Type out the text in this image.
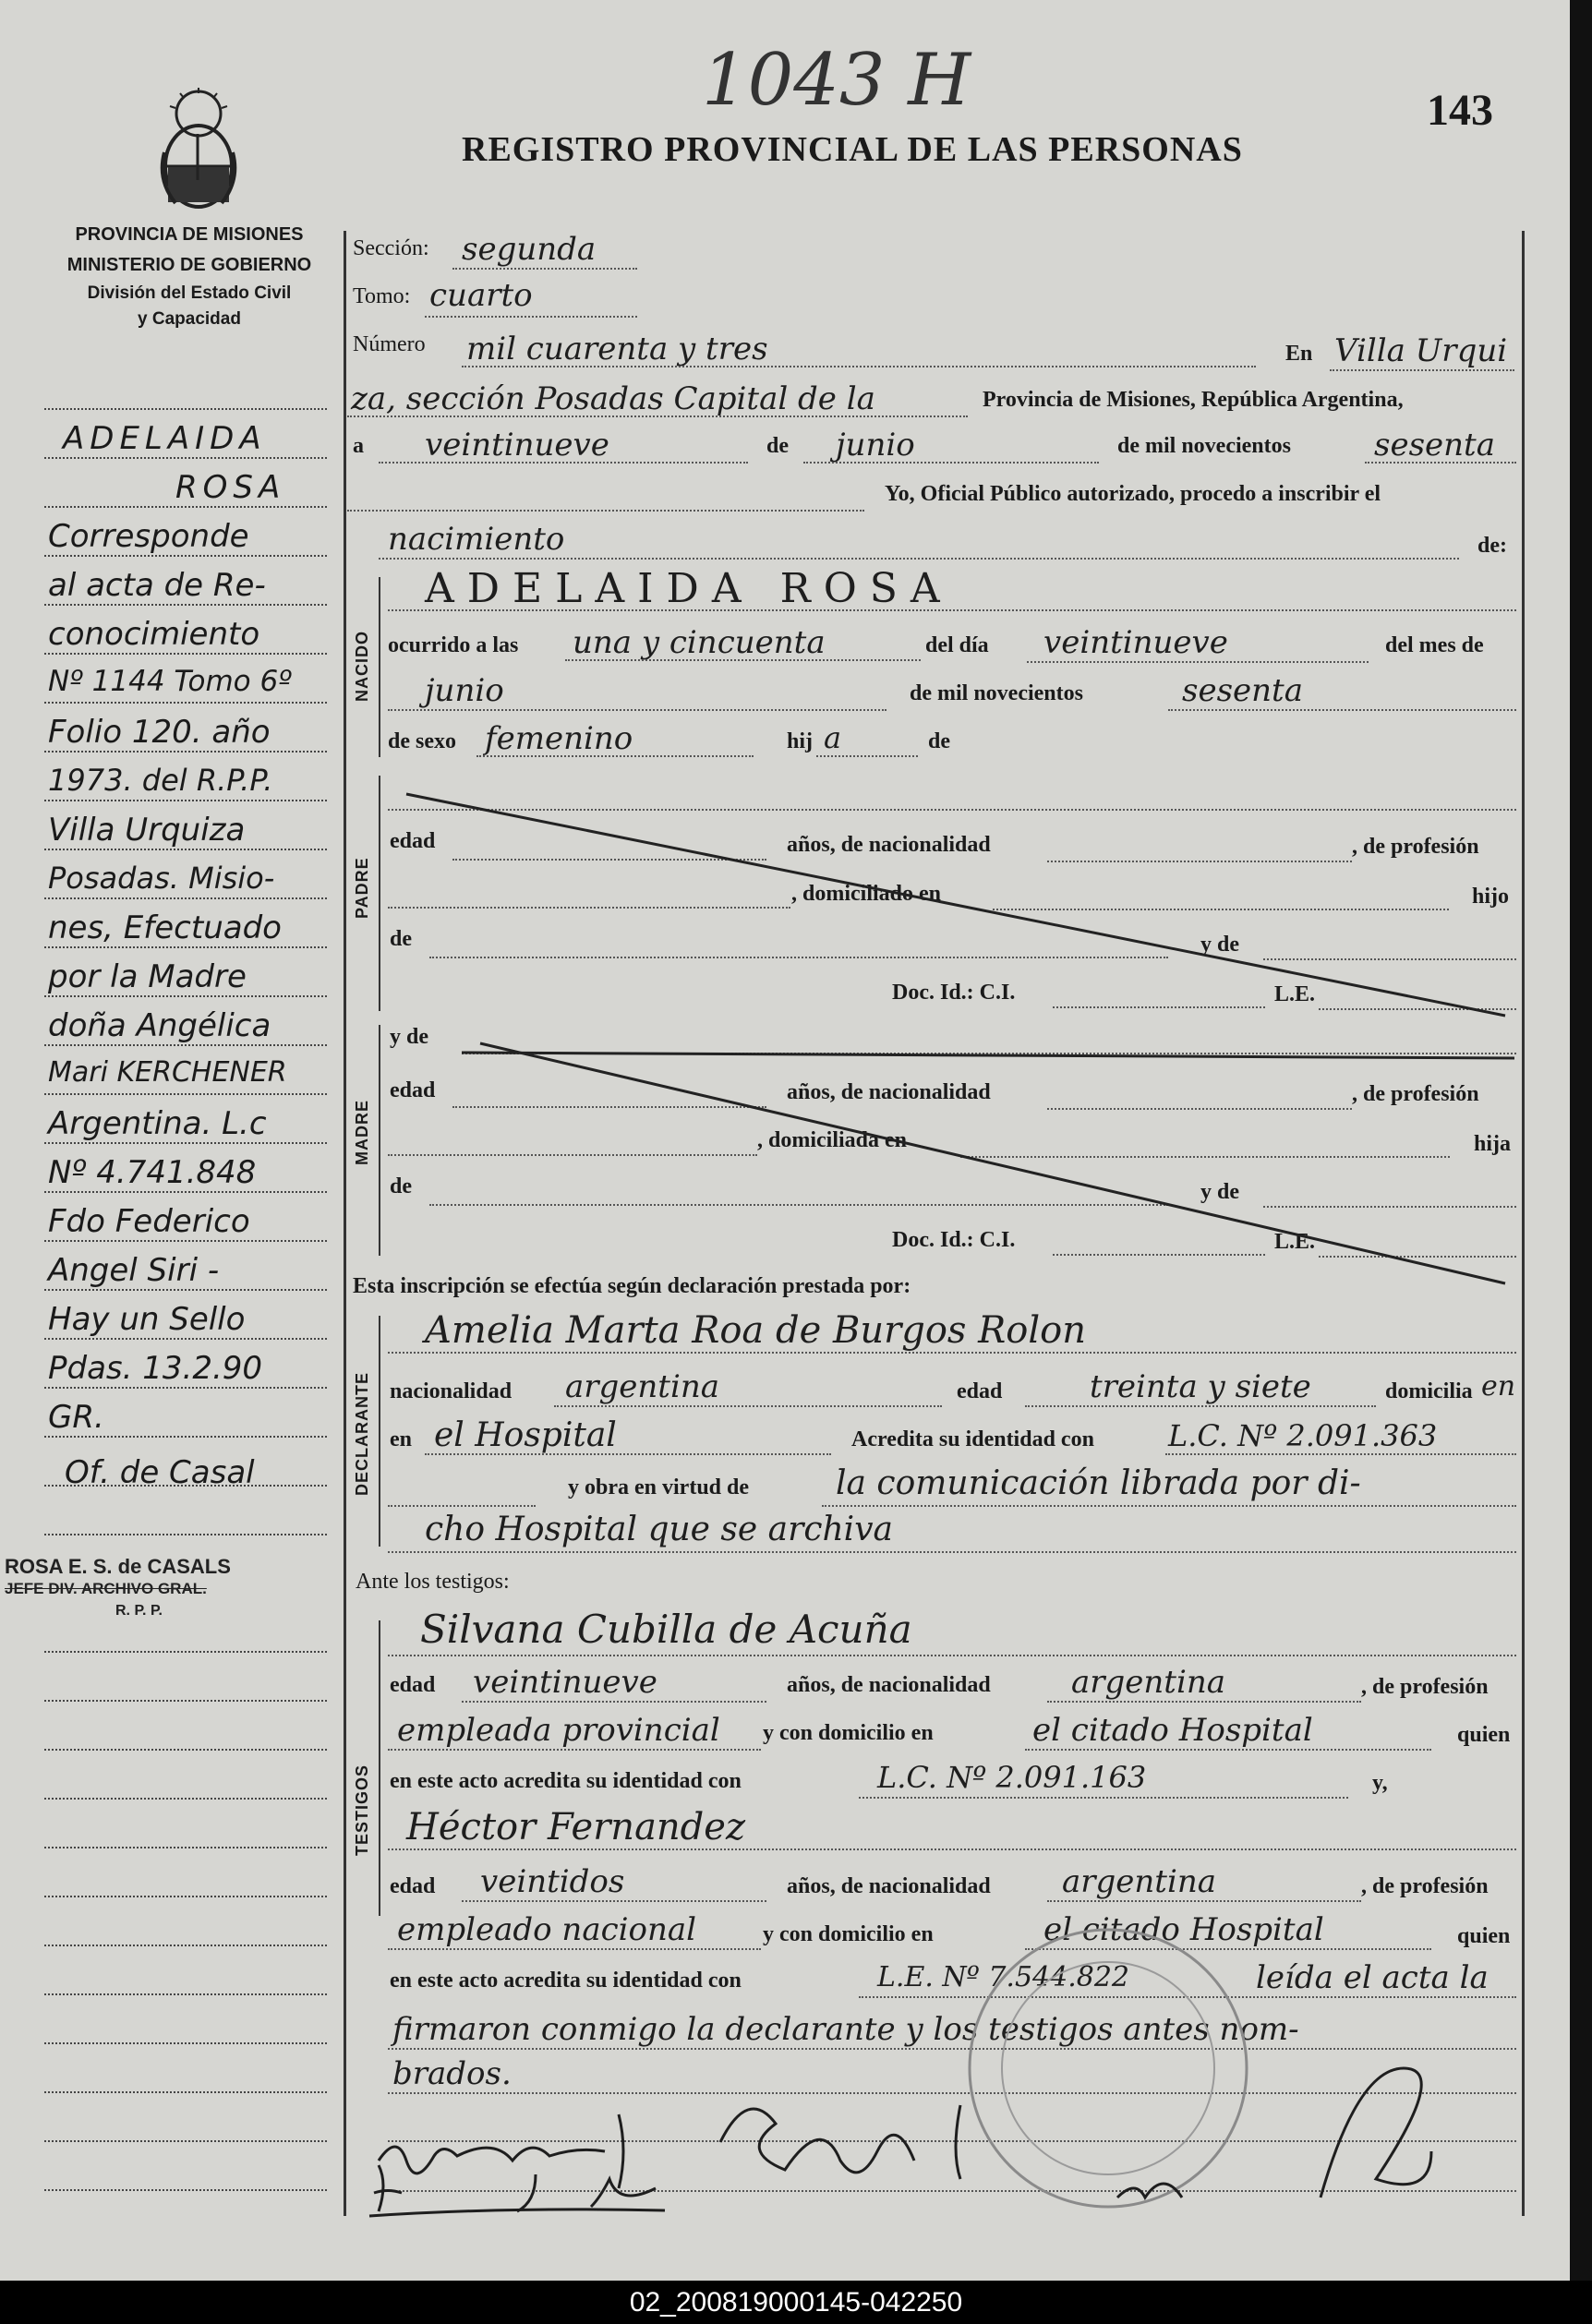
1043 H	143
REGISTRO PROVINCIAL DE LAS PERSONAS
PROVINCIA DE MISIONES
MINISTERIO DE GOBIERNO
División del Estado Civil
y Capacidad
ADELAIDA
ROSA
Corresponde
al acta de Re-
conocimiento
Nº 1144 Tomo 6º
Folio 120. año
1973. del R.P.P.
Villa Urquiza
Posadas. Misio-
nes, Efectuado
por la Madre
doña Angélica
Mari KERCHENER
Argentina. L.c
Nº 4.741.848
Fdo Federico
Angel Siri -
Hay un Sello
Pdas. 13.2.90
GR.
Of. de Casal
ROSA E. S. de CASALS
JEFE DIV. ARCHIVO GRAL.
R. P. P.
NACIDO
PADRE
MADRE
DECLARANTE
TESTIGOS
Sección: segunda
Tomo: cuarto
Número mil cuarenta y tres	En Villa Urqui
za, sección Posadas Capital de la	Provincia de Misiones, República Argentina,
a veintinueve	de junio	de mil novecientos	sesenta
Yo, Oficial Público autorizado, procedo a inscribir el
nacimiento	de:
ADELAIDA ROSA
ocurrido a las una y cincuenta	del día veintinueve	del mes de
junio	de mil novecientos	sesenta
de sexo femenino	hij a	de
edad	años, de nacionalidad	, de profesión
, domiciliado en	hijo
de	y de
Doc. Id.: C.I.	L.E.
y de
edad	años, de nacionalidad	, de profesión
, domiciliada en	hija
de	y de
Doc. Id.: C.I.	L.E.
Esta inscripción se efectúa según declaración prestada por:
Amelia Marta Roa de Burgos Rolon
nacionalidad argentina	edad	treinta y siete	domicilia en
en el Hospital	Acredita su identidad con	L.C. Nº 2.091.363
y obra en virtud de	la comunicación librada por di-
cho Hospital que se archiva
Ante los testigos:
Silvana Cubilla de Acuña
edad veintinueve	años, de nacionalidad	argentina	, de profesión
empleada provincial y con domicilio en	el citado Hospital	quien
en este acto acredita su identidad con	L.C. Nº 2.091.163	y,
Héctor Fernandez
edad veintidos	años, de nacionalidad argentina	, de profesión
empleado nacional	y con domicilio en	el citado Hospital	quien
en este acto acredita su identidad con	L.E. Nº 7.544.822	leída el acta la
firmaron conmigo la declarante y los testigos antes nom-
brados.
02_200819000145-042250
